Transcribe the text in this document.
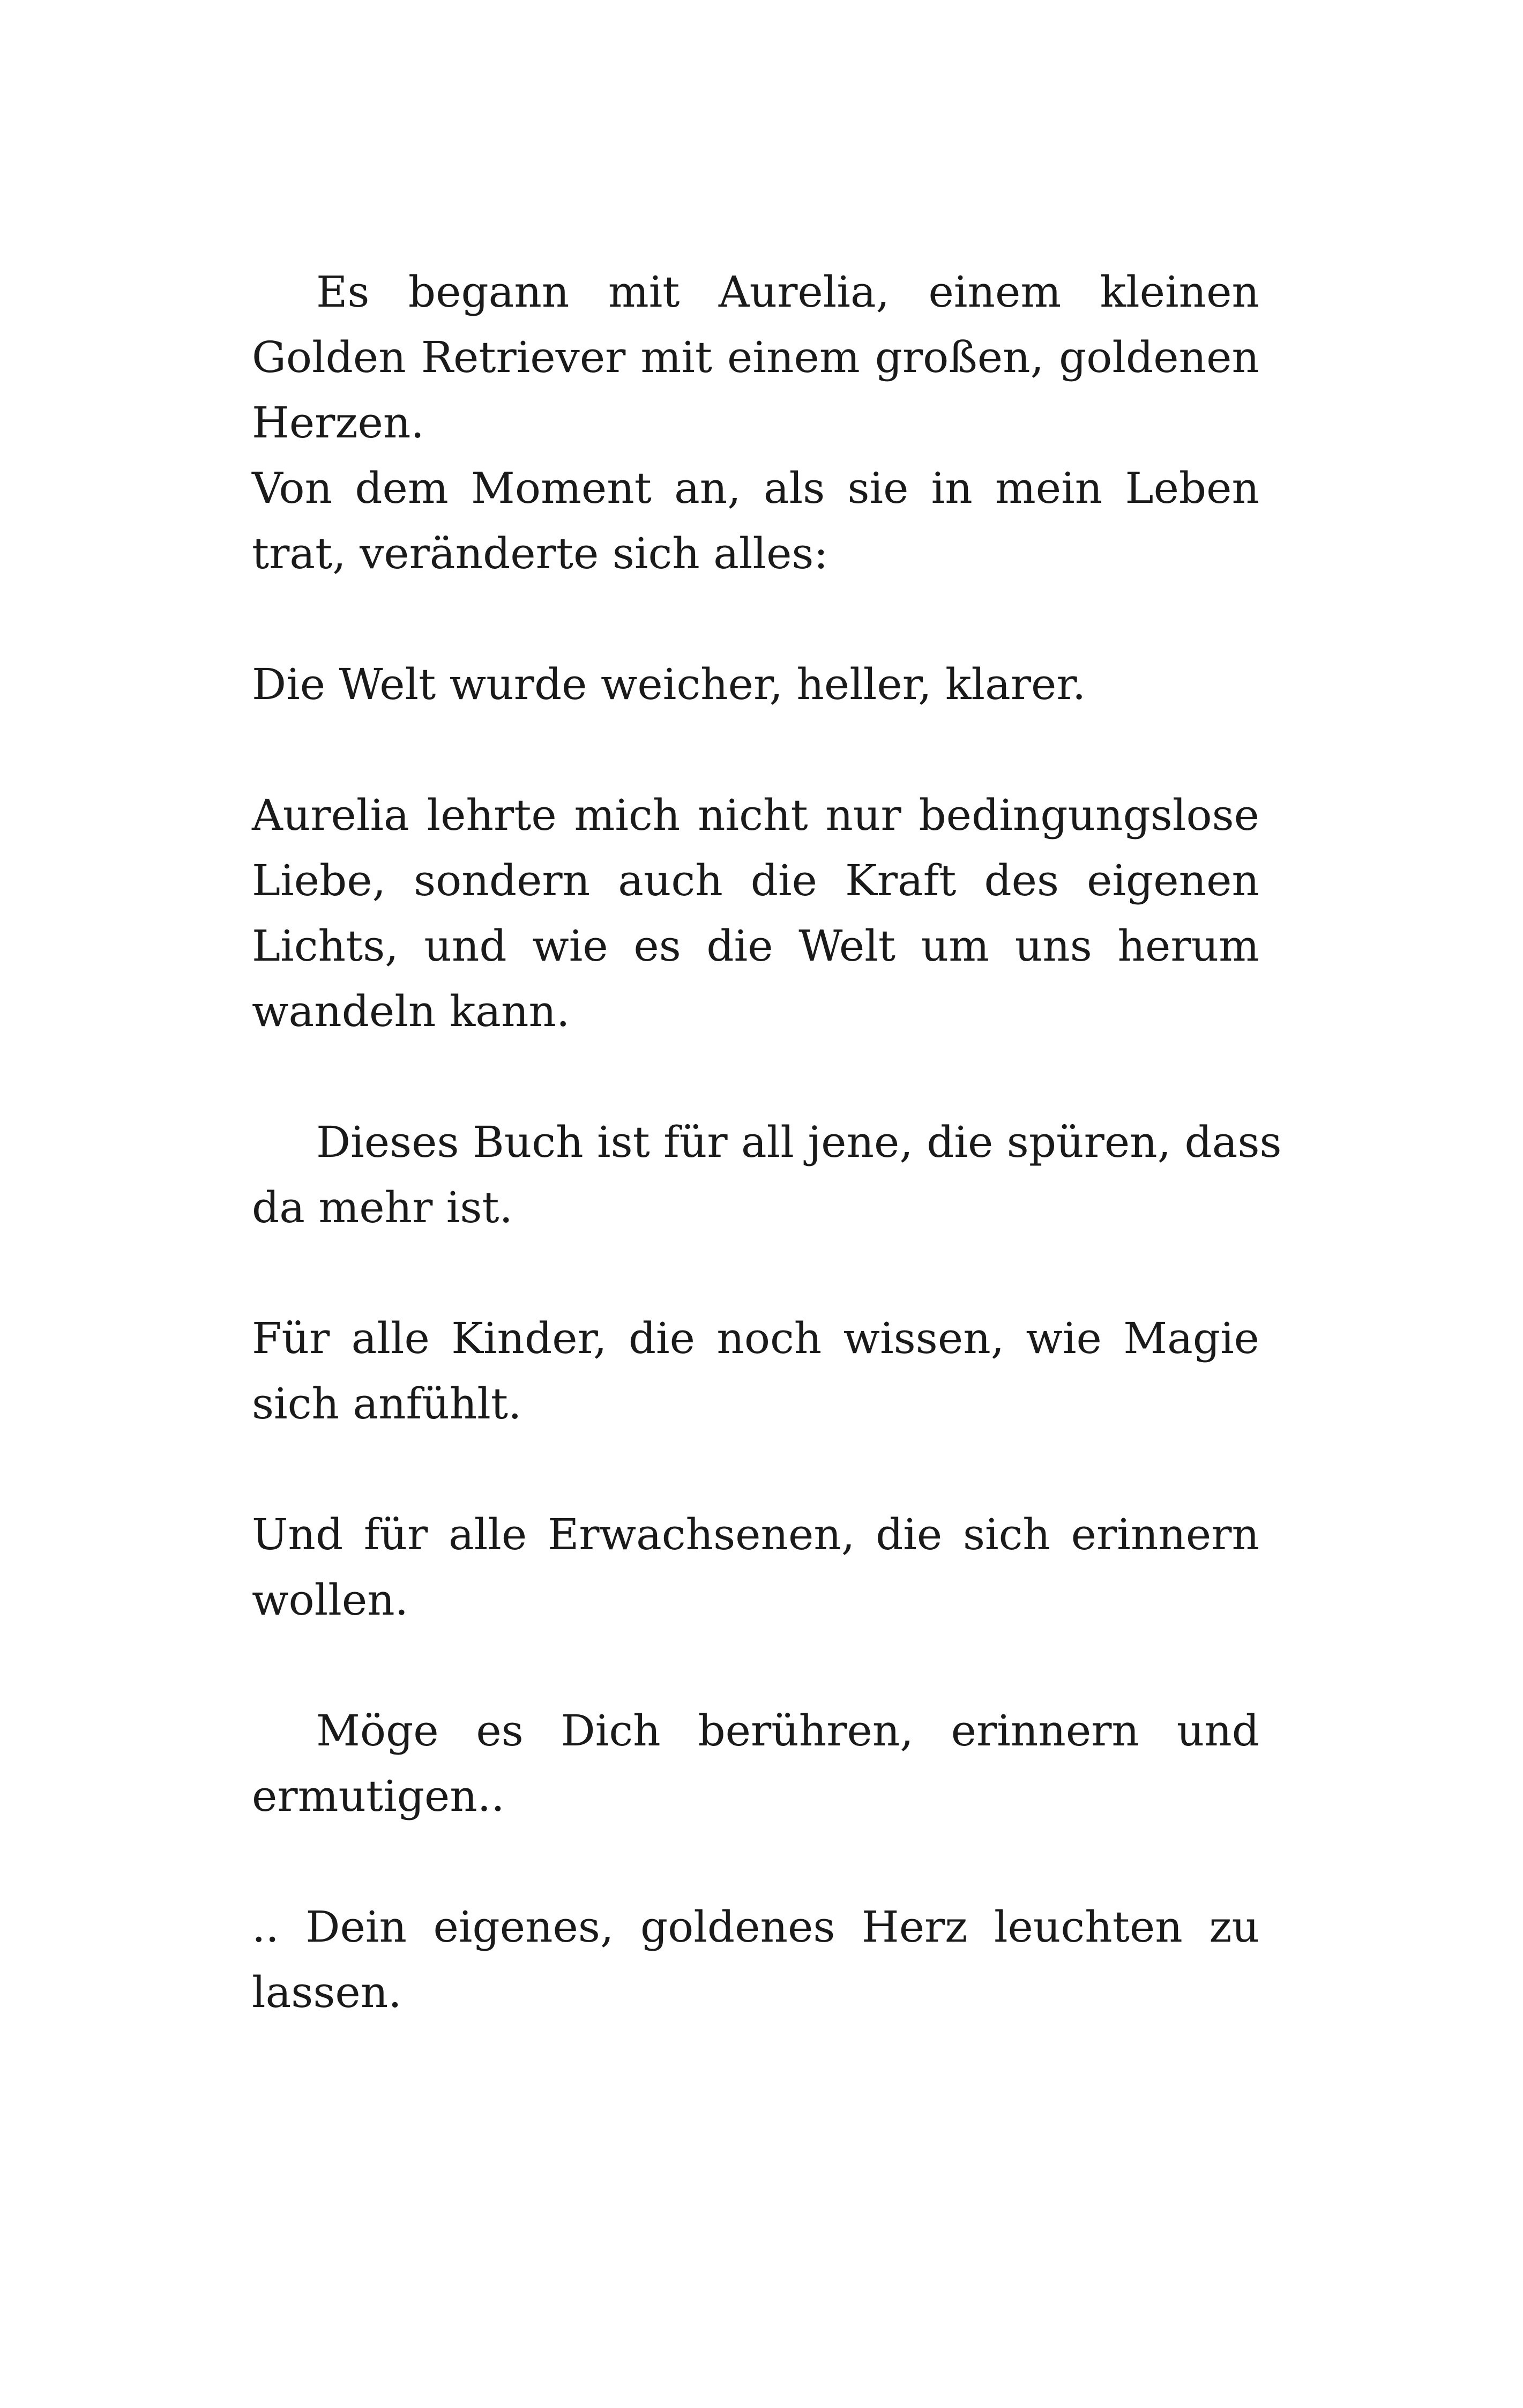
Es begann mit Aurelia, einem kleinen

Golden Retriever mit einem großen, goldenen

Herzen.

Von dem Moment an, als sie in mein Leben

trat, veränderte sich alles:

Die Welt wurde weicher, heller, klarer.

Aurelia lehrte mich nicht nur bedingungslose

Liebe, sondern auch die Kraft des eigenen

Lichts, und wie es die Welt um uns herum

wandeln kann.

Dieses Buch ist für all jene, die spüren, dass

da mehr ist.

Für alle Kinder, die noch wissen, wie Magie

sich anfühlt.

Und für alle Erwachsenen, die sich erinnern

wollen.

Möge es Dich berühren, erinnern und

ermutigen..

.. Dein eigenes, goldenes Herz leuchten zu

lassen.
